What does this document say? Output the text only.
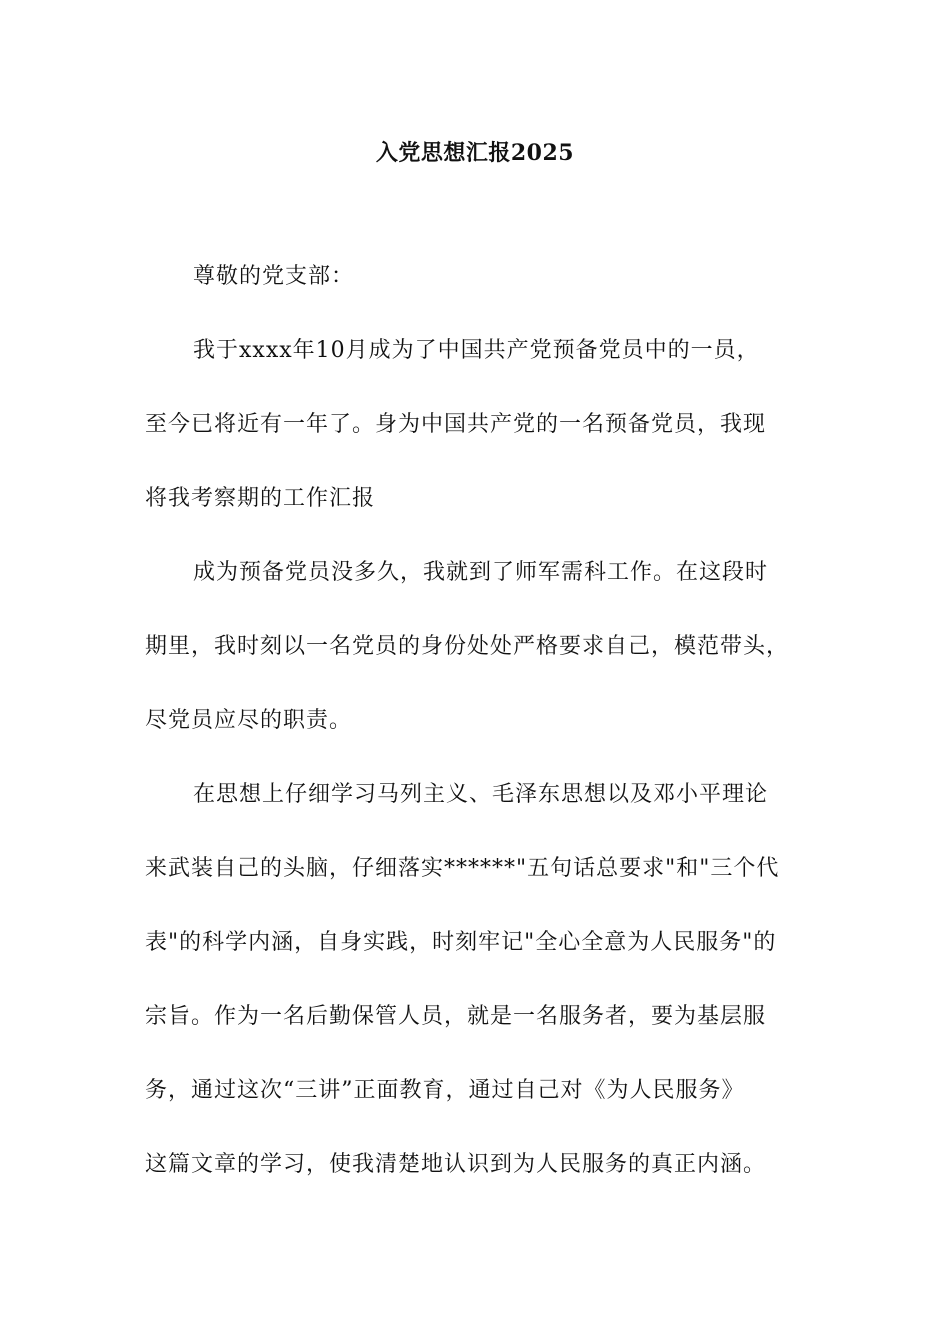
入党思想汇报2025
尊敬的党支部：
我于xxxx年10月成为了中国共产党预备党员中的一员，
至今已将近有一年了。身为中国共产党的一名预备党员，我现
将我考察期的工作汇报
成为预备党员没多久，我就到了师军需科工作。在这段时
期里，我时刻以一名党员的身份处处严格要求自己，模范带头，
尽党员应尽的职责。
在思想上仔细学习马列主义、毛泽东思想以及邓小平理论
来武装自己的头脑，仔细落实******"五句话总要求"和"三个代
表"的科学内涵，自身实践，时刻牢记"全心全意为人民服务"的
宗旨。作为一名后勤保管人员，就是一名服务者，要为基层服
务，通过这次“三讲”正面教育，通过自己对《为人民服务》
这篇文章的学习，使我清楚地认识到为人民服务的真正内涵。
